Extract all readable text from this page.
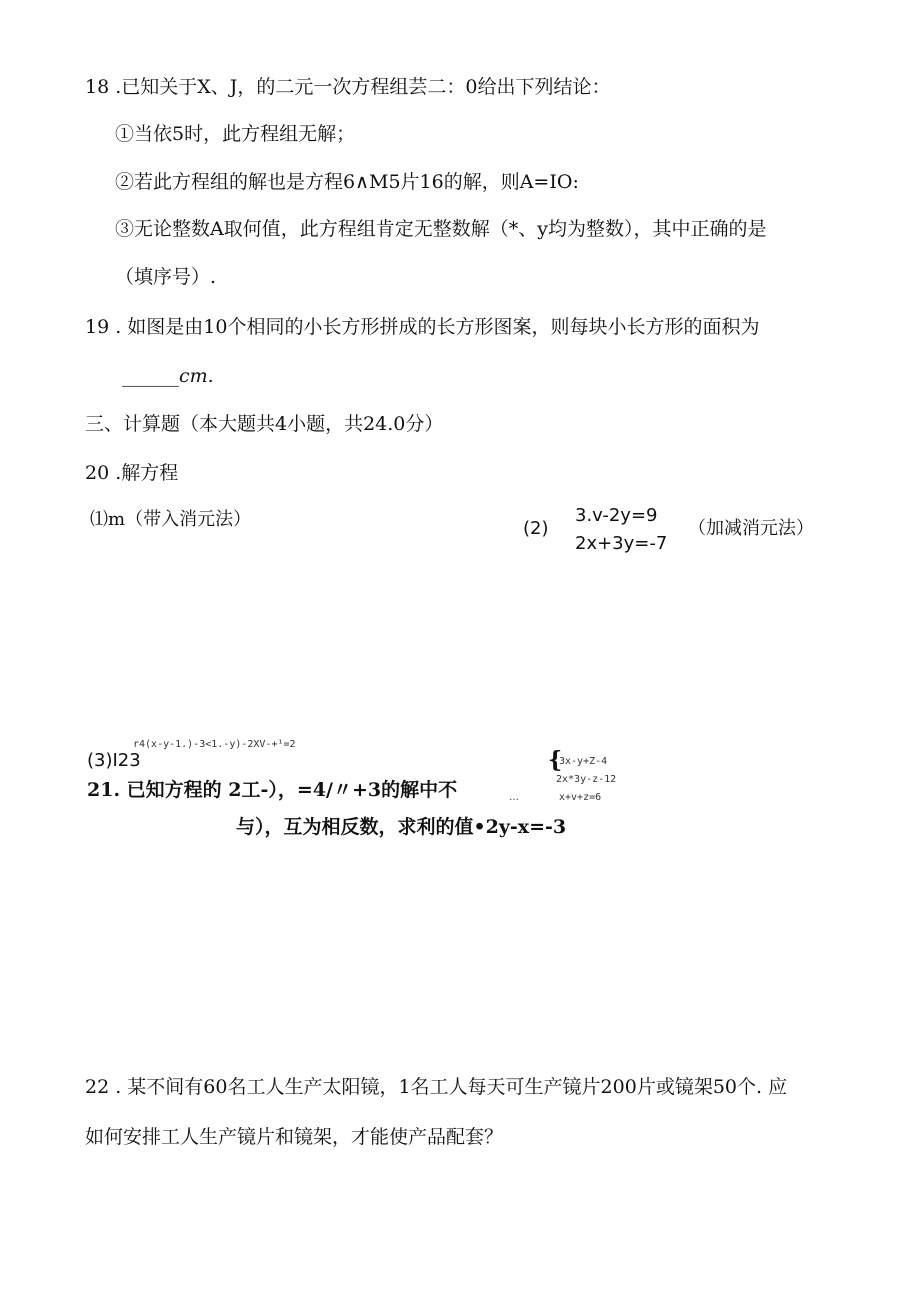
18 .已知关于X、J，的二元一次方程组芸二：0给出下列结论：
①当依5时，此方程组无解；
②若此方程组的解也是方程6∧M5片16的解，则A=IO:
③无论整数A取何值，此方程组肯定无整数解（*、y均为整数），其中正确的是
（填序号）.
19 . 如图是由10个相同的小长方形拼成的长方形图案，则每块小长方形的面积为
______cm.
三、计算题（本大题共4小题，共24.0分）
20 .解方程
⑴m（带入消元法）	(2)
3.v-2y=9
2x+3y=-7
（加减消元法）
(3)I23
r4(x-y-1.)-3<1.-y)-2XV-+¹=2
{
3x-y+Z-4
2x*3y-z-12
…	x+v+z=6
21. 已知方程的 2工-），=4/〃+3的解中不
与），互为相反数，求利的值•2y-x=-3
22 . 某不间有60名工人生产太阳镜，1名工人每天可生产镜片200片或镜架50个. 应
如何安排工人生产镜片和镜架，才能使产品配套？
